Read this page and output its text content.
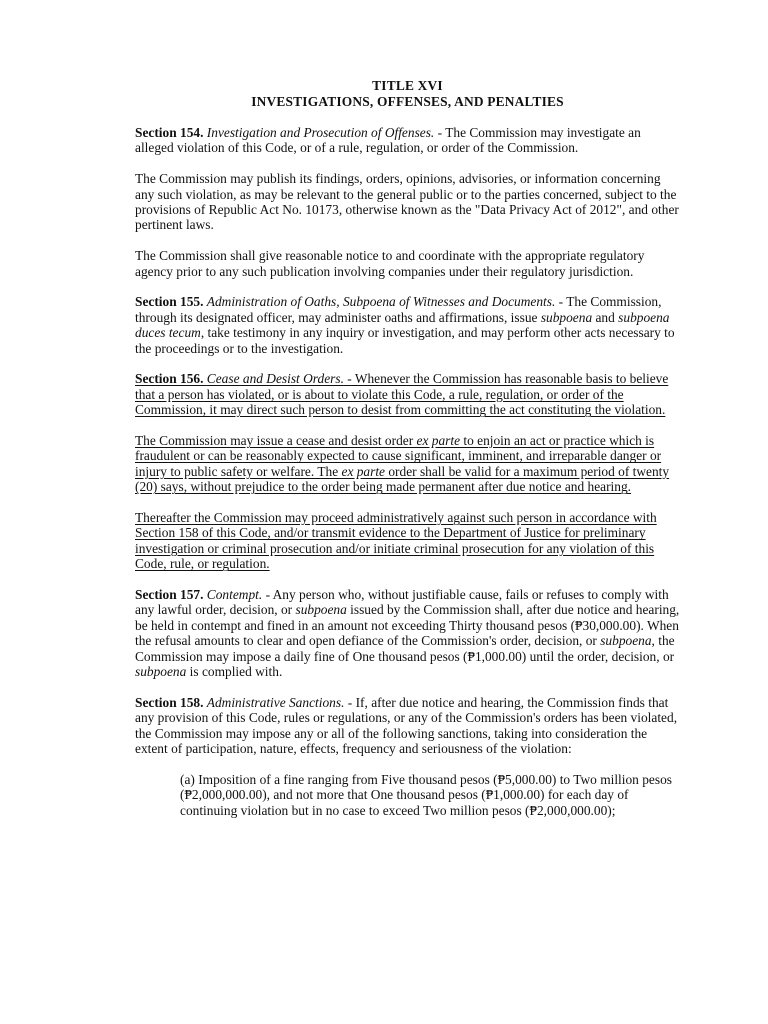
TITLE XVI
INVESTIGATIONS, OFFENSES, AND PENALTIES

Section 154. Investigation and Prosecution of Offenses. - The Commission may investigate an alleged violation of this Code, or of a rule, regulation, or order of the Commission.

The Commission may publish its findings, orders, opinions, advisories, or information concerning any such violation, as may be relevant to the general public or to the parties concerned, subject to the provisions of Republic Act No. 10173, otherwise known as the "Data Privacy Act of 2012", and other pertinent laws.

The Commission shall give reasonable notice to and coordinate with the appropriate regulatory agency prior to any such publication involving companies under their regulatory jurisdiction.

Section 155. Administration of Oaths, Subpoena of Witnesses and Documents. - The Commission, through its designated officer, may administer oaths and affirmations, issue subpoena and subpoena duces tecum, take testimony in any inquiry or investigation, and may perform other acts necessary to the proceedings or to the investigation.

Section 156. Cease and Desist Orders. - Whenever the Commission has reasonable basis to believe that a person has violated, or is about to violate this Code, a rule, regulation, or order of the Commission, it may direct such person to desist from committing the act constituting the violation.

The Commission may issue a cease and desist order ex parte to enjoin an act or practice which is fraudulent or can be reasonably expected to cause significant, imminent, and irreparable danger or injury to public safety or welfare. The ex parte order shall be valid for a maximum period of twenty (20) says, without prejudice to the order being made permanent after due notice and hearing.

Thereafter the Commission may proceed administratively against such person in accordance with Section 158 of this Code, and/or transmit evidence to the Department of Justice for preliminary investigation or criminal prosecution and/or initiate criminal prosecution for any violation of this Code, rule, or regulation.

Section 157. Contempt. - Any person who, without justifiable cause, fails or refuses to comply with any lawful order, decision, or subpoena issued by the Commission shall, after due notice and hearing, be held in contempt and fined in an amount not exceeding Thirty thousand pesos (₱30,000.00). When the refusal amounts to clear and open defiance of the Commission's order, decision, or subpoena, the Commission may impose a daily fine of One thousand pesos (₱1,000.00) until the order, decision, or subpoena is complied with.

Section 158. Administrative Sanctions. - If, after due notice and hearing, the Commission finds that any provision of this Code, rules or regulations, or any of the Commission's orders has been violated, the Commission may impose any or all of the following sanctions, taking into consideration the extent of participation, nature, effects, frequency and seriousness of the violation:

(a) Imposition of a fine ranging from Five thousand pesos (₱5,000.00) to Two million pesos (₱2,000,000.00), and not more that One thousand pesos (₱1,000.00) for each day of continuing violation but in no case to exceed Two million pesos (₱2,000,000.00);
